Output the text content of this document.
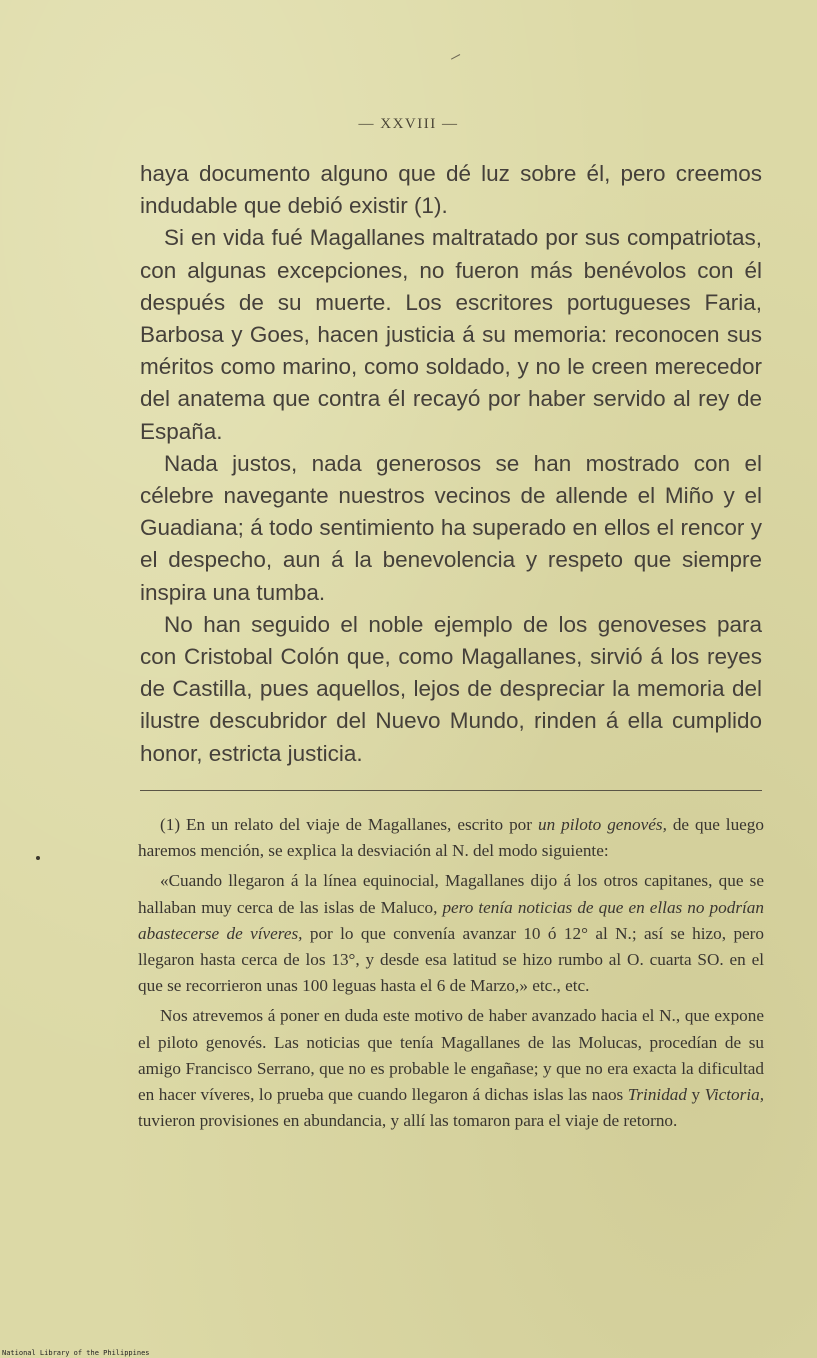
— XXVIII —

haya documento alguno que dé luz sobre él, pero creemos indudable que debió existir (1).

Si en vida fué Magallanes maltratado por sus compatriotas, con algunas excepciones, no fueron más benévolos con él después de su muerte. Los escritores portugueses Faria, Barbosa y Goes, hacen justicia á su memoria: reconocen sus méritos como marino, como soldado, y no le creen merecedor del anatema que contra él recayó por haber servido al rey de España.

Nada justos, nada generosos se han mostrado con el célebre navegante nuestros vecinos de allende el Miño y el Guadiana; á todo sentimiento ha superado en ellos el rencor y el despecho, aun á la benevolencia y respeto que siempre inspira una tumba.

No han seguido el noble ejemplo de los genoveses para con Cristobal Colón que, como Magallanes, sirvió á los reyes de Castilla, pues aquellos, lejos de despreciar la memoria del ilustre descubridor del Nuevo Mundo, rinden á ella cumplido honor, estricta justicia.

(1) En un relato del viaje de Magallanes, escrito por un piloto genovés, de que luego haremos mención, se explica la desviación al N. del modo siguiente:

«Cuando llegaron á la línea equinocial, Magallanes dijo á los otros capitanes, que se hallaban muy cerca de las islas de Maluco, pero tenía noticias de que en ellas no podrían abastecerse de víveres, por lo que convenía avanzar 10 ó 12° al N.; así se hizo, pero llegaron hasta cerca de los 13°, y desde esa latitud se hizo rumbo al O. cuarta SO. en el que se recorrieron unas 100 leguas hasta el 6 de Marzo,» etc., etc.

Nos atrevemos á poner en duda este motivo de haber avanzado hacia el N., que expone el piloto genovés. Las noticias que tenía Magallanes de las Molucas, procedían de su amigo Francisco Serrano, que no es probable le engañase; y que no era exacta la dificultad en hacer víveres, lo prueba que cuando llegaron á dichas islas las naos Trinidad y Victoria, tuvieron provisiones en abundancia, y allí las tomaron para el viaje de retorno.

National Library of the Philippines
